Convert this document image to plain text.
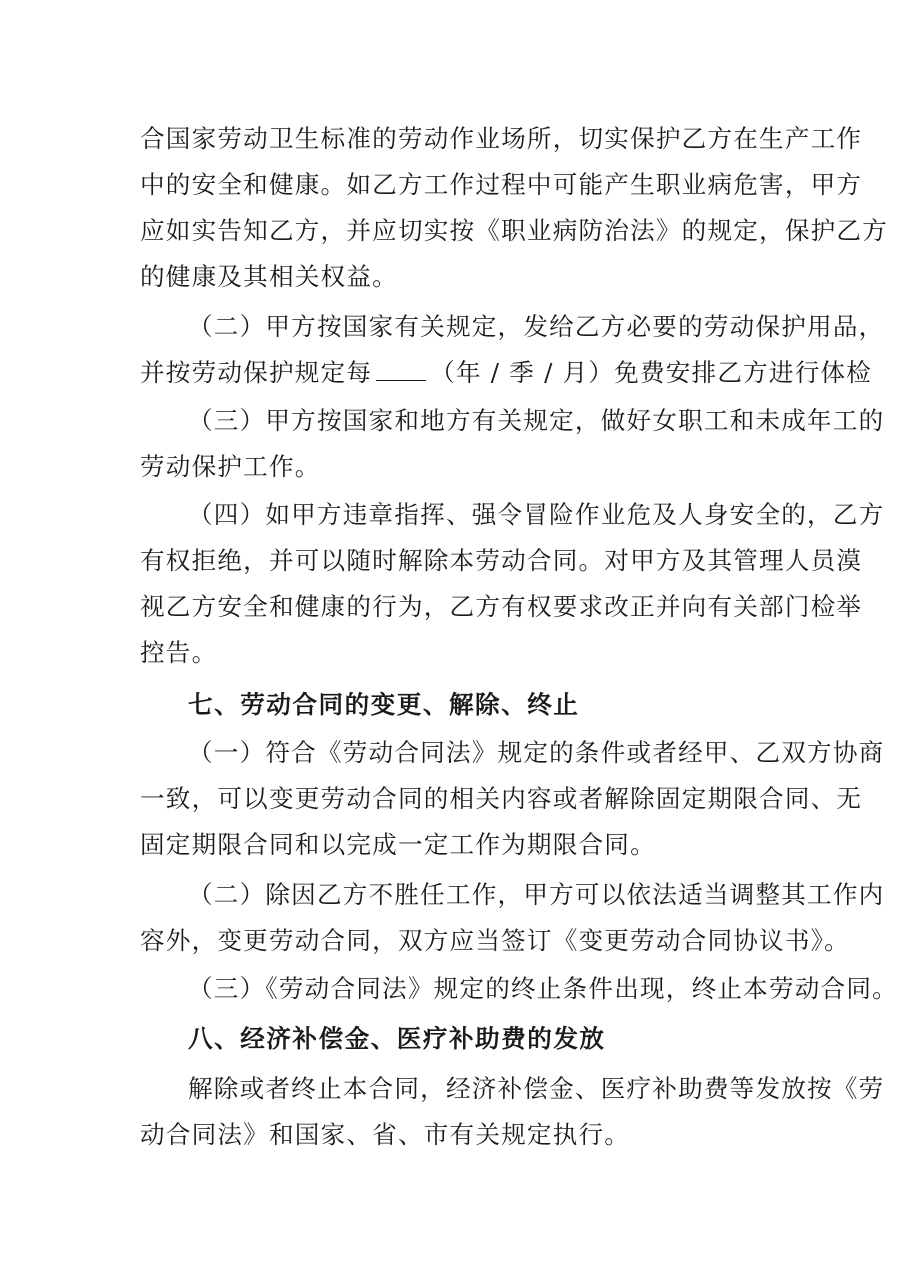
合国家劳动卫生标准的劳动作业场所，切实保护乙方在生产工作
中的安全和健康。如乙方工作过程中可能产生职业病危害，甲方
应如实告知乙方，并应切实按《职业病防治法》的规定，保护乙方
的健康及其相关权益。
（二）甲方按国家有关规定，发给乙方必要的劳动保护用品，
并按劳动保护规定每 （年 / 季 / 月）免费安排乙方进行体检
（三）甲方按国家和地方有关规定，做好女职工和未成年工的
劳动保护工作。
（四）如甲方违章指挥、强令冒险作业危及人身安全的，乙方
有权拒绝，并可以随时解除本劳动合同。对甲方及其管理人员漠
视乙方安全和健康的行为，乙方有权要求改正并向有关部门检举
控告。
七、劳动合同的变更、解除、终止
（一）符合《劳动合同法》规定的条件或者经甲、乙双方协商
一致，可以变更劳动合同的相关内容或者解除固定期限合同、无
固定期限合同和以完成一定工作为期限合同。
（二）除因乙方不胜任工作，甲方可以依法适当调整其工作内
容外，变更劳动合同，双方应当签订《变更劳动合同协议书》。
（三）《劳动合同法》规定的终止条件出现，终止本劳动合同。
八、经济补偿金、医疗补助费的发放
解除或者终止本合同，经济补偿金、医疗补助费等发放按《劳
动合同法》和国家、省、市有关规定执行。
